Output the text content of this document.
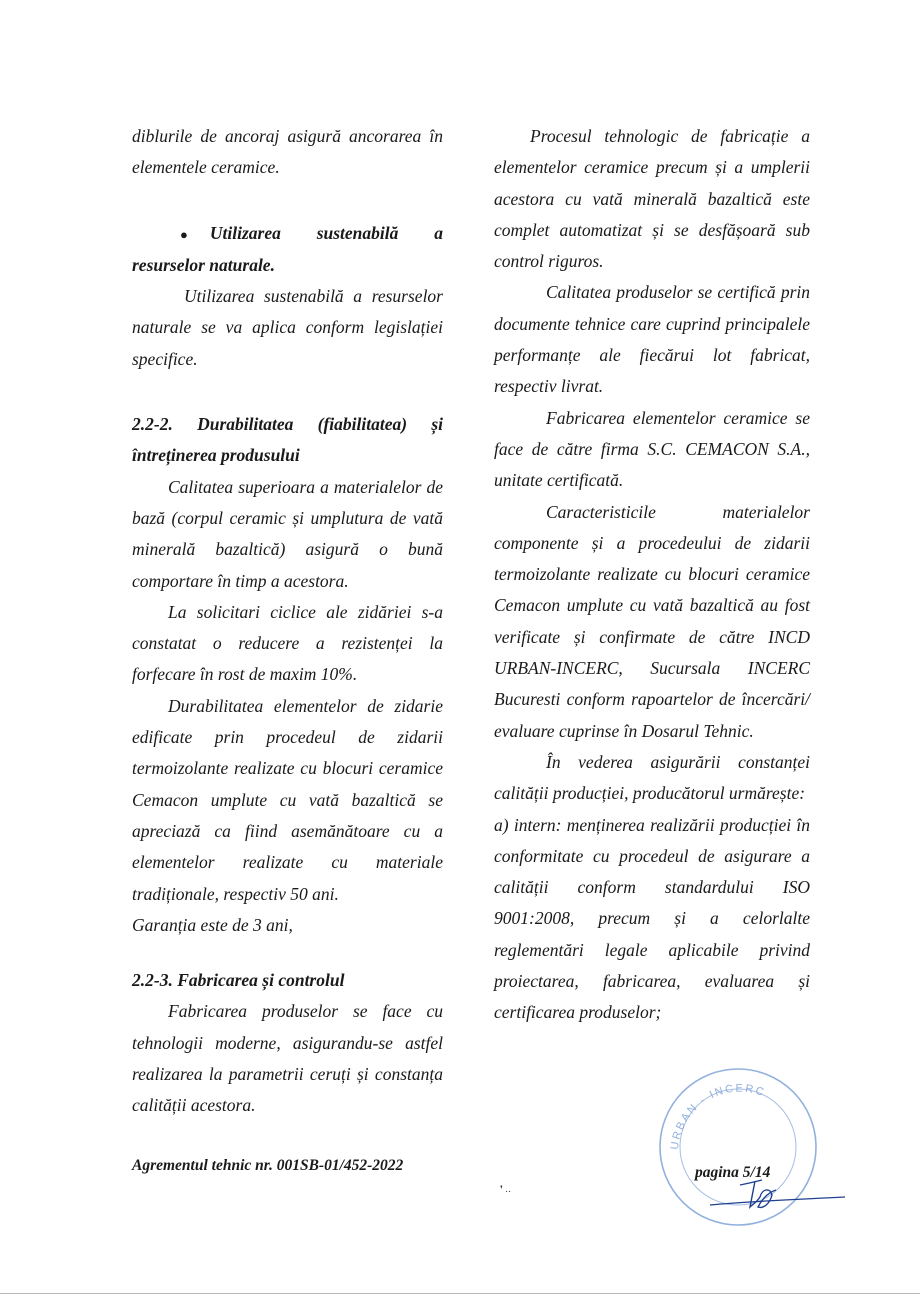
diblurile de ancoraj asigură ancorarea în elementele ceramice.

● Utilizarea sustenabilă a

resurselor naturale.

Utilizarea sustenabilă a resurselor naturale se va aplica conform legislației specifice.

2.2-2. Durabilitatea (fiabilitatea) și

întreținerea produsului

Calitatea superioara a materialelor de bază (corpul ceramic și umplutura de vată minerală bazaltică) asigură o bună comportare în timp a acestora.

La solicitari ciclice ale zidăriei s-a constatat o reducere a rezistenței la forfecare în rost de maxim 10%.

Durabilitatea elementelor de zidarie edificate prin procedeul de zidarii termoizolante realizate cu blocuri ceramice Cemacon umplute cu vată bazaltică se apreciază ca fiind asemănătoare cu a elementelor realizate cu materiale tradiționale, respectiv 50 ani.

Garanția este de 3 ani,

2.2-3. Fabricarea și controlul

Fabricarea produselor se face cu tehnologii moderne, asigurandu-se astfel realizarea la parametrii ceruți și constanța calității acestora.

Procesul tehnologic de fabricație a elementelor ceramice precum și a umplerii acestora cu vată minerală bazaltică este complet automatizat și se desfășoară sub control riguros.

Calitatea produselor se certifică prin documente tehnice care cuprind principalele performanțe ale fiecărui lot fabricat, respectiv livrat.

Fabricarea elementelor ceramice se face de către firma S.C. CEMACON S.A., unitate certificată.

Caracteristicile materialelor componente și a procedeului de zidarii termoizolante realizate cu blocuri ceramice Cemacon umplute cu vată bazaltică au fost verificate și confirmate de către INCD URBAN-INCERC, Sucursala INCERC Bucuresti conform rapoartelor de încercări/ evaluare cuprinse în Dosarul Tehnic.

În vederea asigurării constanței calității producției, producătorul urmărește:

a) intern: menținerea realizării producției în conformitate cu procedeul de asigurare a calității conform standardului ISO 9001:2008, precum și a celorlalte reglementări legale aplicabile privind proiectarea, fabricarea, evaluarea și certificarea produselor;

URBAN - INCERC
Agrementul tehnic nr. 001SB-01/452-2022	pagina 5/14
❜ ‥
